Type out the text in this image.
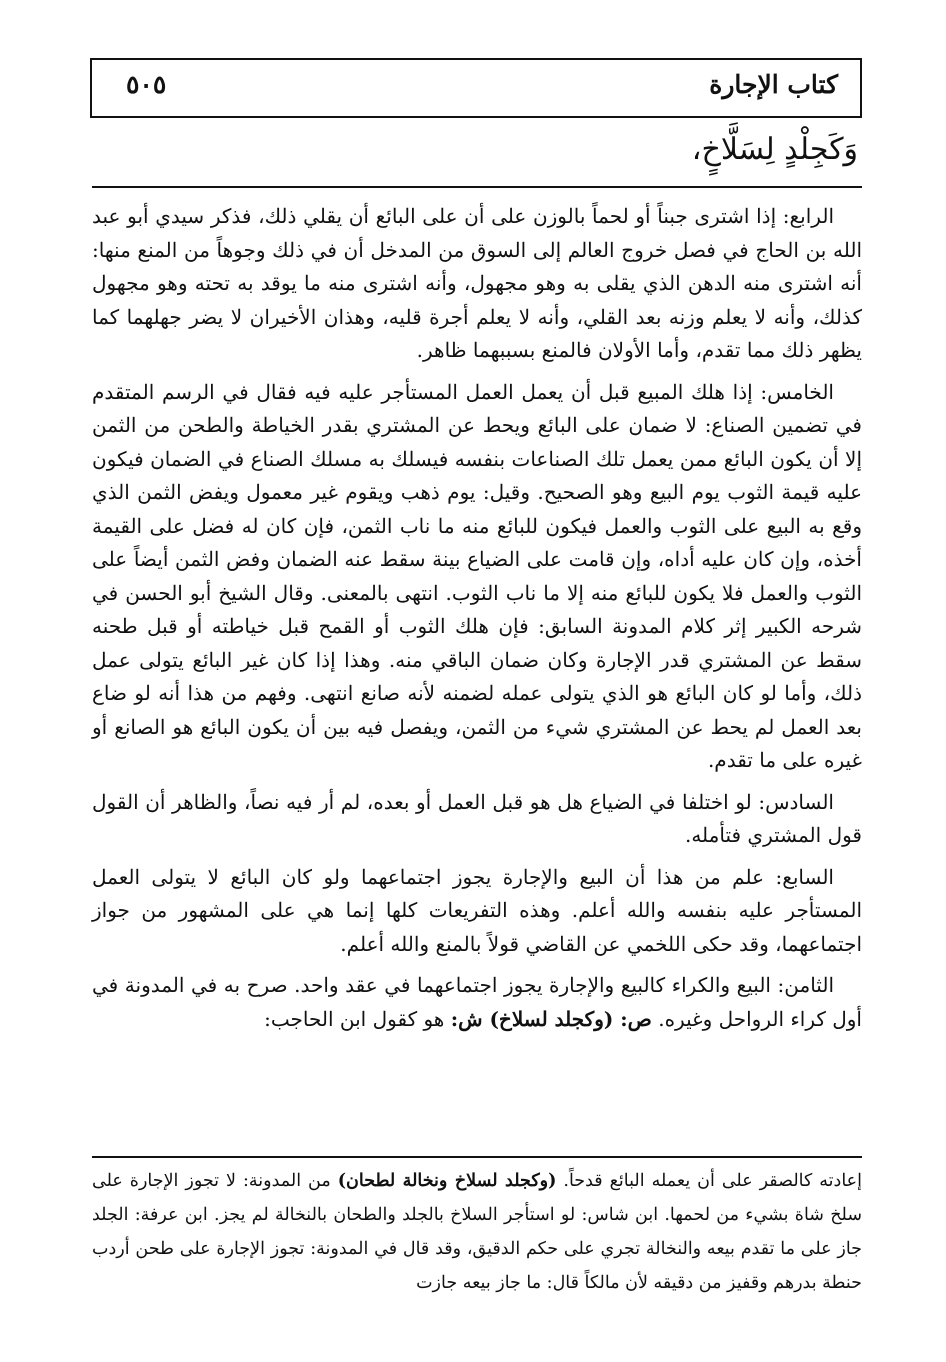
كتاب الإجارة
٥٠٥
وَكَجِلْدٍ لِسَلَّاخٍ،

الرابع: إذا اشترى جبناً أو لحماً بالوزن على أن على البائع أن يقلي ذلك، فذكر سيدي أبو عبد الله بن الحاج في فصل خروج العالم إلى السوق من المدخل أن في ذلك وجوهاً من المنع منها: أنه اشترى منه الدهن الذي يقلى به وهو مجهول، وأنه اشترى منه ما يوقد به تحته وهو مجهول كذلك، وأنه لا يعلم وزنه بعد القلي، وأنه لا يعلم أجرة قليه، وهذان الأخيران لا يضر جهلهما كما يظهر ذلك مما تقدم، وأما الأولان فالمنع بسببهما ظاهر.

الخامس: إذا هلك المبيع قبل أن يعمل العمل المستأجر عليه فيه فقال في الرسم المتقدم في تضمين الصناع: لا ضمان على البائع ويحط عن المشتري بقدر الخياطة والطحن من الثمن إلا أن يكون البائع ممن يعمل تلك الصناعات بنفسه فيسلك به مسلك الصناع في الضمان فيكون عليه قيمة الثوب يوم البيع وهو الصحيح. وقيل: يوم ذهب ويقوم غير معمول ويفض الثمن الذي وقع به البيع على الثوب والعمل فيكون للبائع منه ما ناب الثمن، فإن كان له فضل على القيمة أخذه، وإن كان عليه أداه، وإن قامت على الضياع بينة سقط عنه الضمان وفض الثمن أيضاً على الثوب والعمل فلا يكون للبائع منه إلا ما ناب الثوب. انتهى بالمعنى. وقال الشيخ أبو الحسن في شرحه الكبير إثر كلام المدونة السابق: فإن هلك الثوب أو القمح قبل خياطته أو قبل طحنه سقط عن المشتري قدر الإجارة وكان ضمان الباقي منه. وهذا إذا كان غير البائع يتولى عمل ذلك، وأما لو كان البائع هو الذي يتولى عمله لضمنه لأنه صانع انتهى. وفهم من هذا أنه لو ضاع بعد العمل لم يحط عن المشتري شيء من الثمن، ويفصل فيه بين أن يكون البائع هو الصانع أو غيره على ما تقدم.

السادس: لو اختلفا في الضياع هل هو قبل العمل أو بعده، لم أر فيه نصاً، والظاهر أن القول قول المشتري فتأمله.

السابع: علم من هذا أن البيع والإجارة يجوز اجتماعهما ولو كان البائع لا يتولى العمل المستأجر عليه بنفسه والله أعلم. وهذه التفريعات كلها إنما هي على المشهور من جواز اجتماعهما، وقد حكى اللخمي عن القاضي قولاً بالمنع والله أعلم.

الثامن: البيع والكراء كالبيع والإجارة يجوز اجتماعهما في عقد واحد. صرح به في المدونة في أول كراء الرواحل وغيره. ص: (وكجلد لسلاخ) ش: هو كقول ابن الحاجب:

إعادته كالصقر على أن يعمله البائع قدحاً. (وكجلد لسلاخ ونخالة لطحان) من المدونة: لا تجوز الإجارة على سلخ شاة بشيء من لحمها. ابن شاس: لو استأجر السلاخ بالجلد والطحان بالنخالة لم يجز. ابن عرفة: الجلد جاز على ما تقدم بيعه والنخالة تجري على حكم الدقيق، وقد قال في المدونة: تجوز الإجارة على طحن أردب حنطة بدرهم وقفيز من دقيقه لأن مالكاً قال: ما جاز بيعه جازت
